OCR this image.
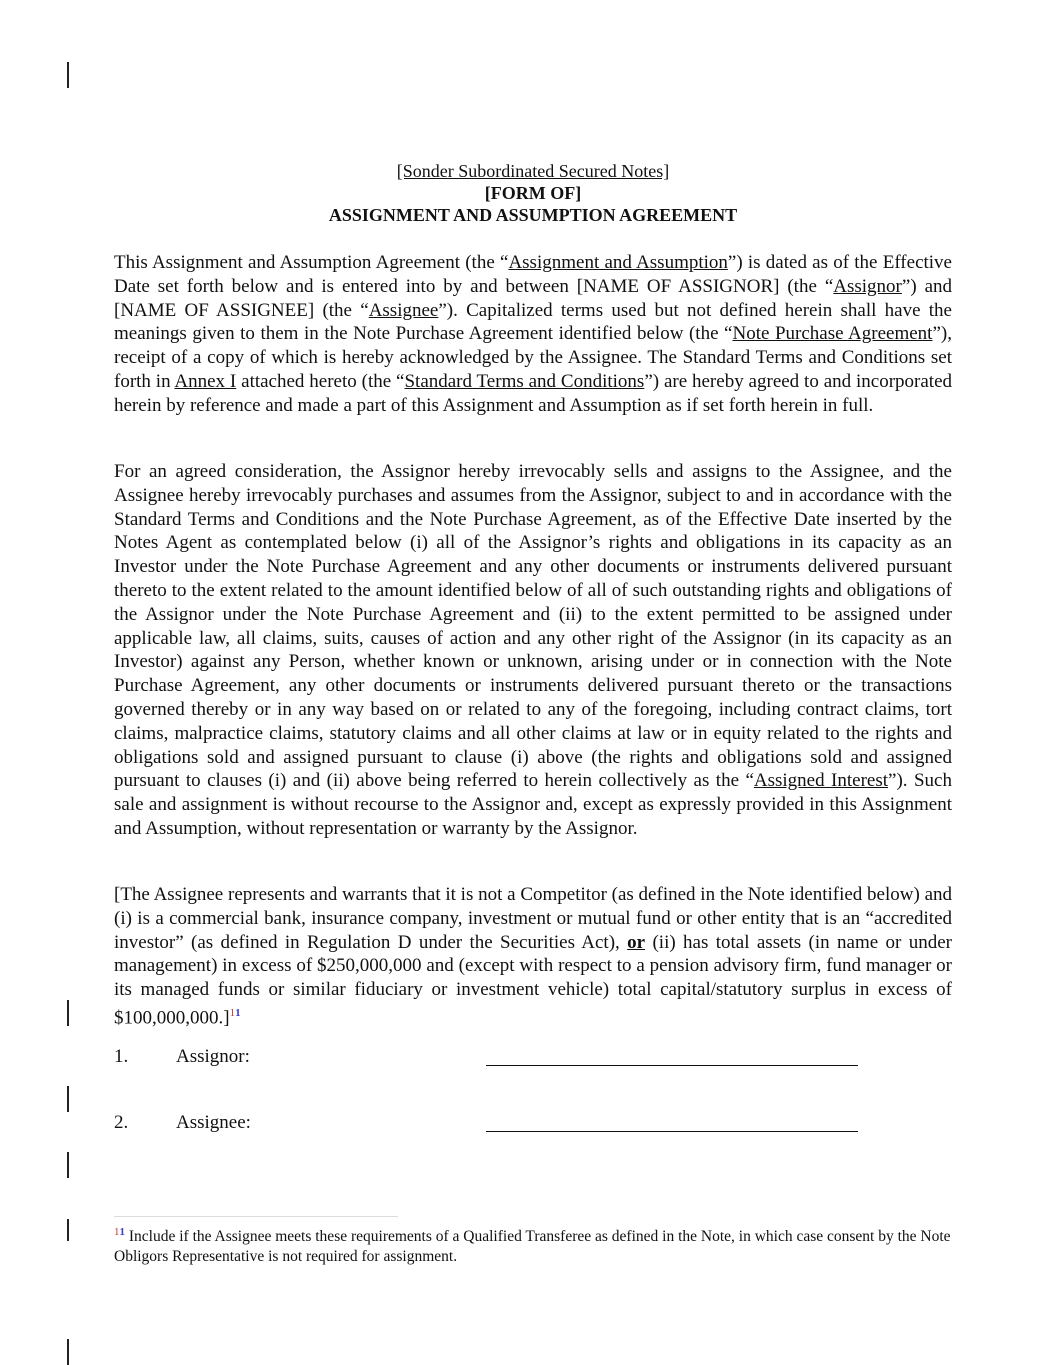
[Sonder Subordinated Secured Notes]
[FORM OF]
ASSIGNMENT AND ASSUMPTION AGREEMENT
This Assignment and Assumption Agreement (the “Assignment and Assumption”) is dated as of the Effective Date set forth below and is entered into by and between [NAME OF ASSIGNOR] (the “Assignor”) and [NAME OF ASSIGNEE] (the “Assignee”). Capitalized terms used but not defined herein shall have the meanings given to them in the Note Purchase Agreement identified below (the “Note Purchase Agreement”), receipt of a copy of which is hereby acknowledged by the Assignee. The Standard Terms and Conditions set forth in Annex I attached hereto (the “Standard Terms and Conditions”) are hereby agreed to and incorporated herein by reference and made a part of this Assignment and Assumption as if set forth herein in full.
For an agreed consideration, the Assignor hereby irrevocably sells and assigns to the Assignee, and the Assignee hereby irrevocably purchases and assumes from the Assignor, subject to and in accordance with the Standard Terms and Conditions and the Note Purchase Agreement, as of the Effective Date inserted by the Notes Agent as contemplated below (i) all of the Assignor’s rights and obligations in its capacity as an Investor under the Note Purchase Agreement and any other documents or instruments delivered pursuant thereto to the extent related to the amount identified below of all of such outstanding rights and obligations of the Assignor under the Note Purchase Agreement and (ii) to the extent permitted to be assigned under applicable law, all claims, suits, causes of action and any other right of the Assignor (in its capacity as an Investor) against any Person, whether known or unknown, arising under or in connection with the Note Purchase Agreement, any other documents or instruments delivered pursuant thereto or the transactions governed thereby or in any way based on or related to any of the foregoing, including contract claims, tort claims, malpractice claims, statutory claims and all other claims at law or in equity related to the rights and obligations sold and assigned pursuant to clause (i) above (the rights and obligations sold and assigned pursuant to clauses (i) and (ii) above being referred to herein collectively as the “Assigned Interest”). Such sale and assignment is without recourse to the Assignor and, except as expressly provided in this Assignment and Assumption, without representation or warranty by the Assignor.
[The Assignee represents and warrants that it is not a Competitor (as defined in the Note identified below) and (i) is a commercial bank, insurance company, investment or mutual fund or other entity that is an “accredited investor” (as defined in Regulation D under the Securities Act), or (ii) has total assets (in name or under management) in excess of $250,000,000 and (except with respect to a pension advisory firm, fund manager or its managed funds or similar fiduciary or investment vehicle) total capital/statutory surplus in excess of $100,000,000.]$^{11}$
1.	Assignor:
2.	Assignee:
$^{11}$ Include if the Assignee meets these requirements of a Qualified Transferee as defined in the Note, in which case consent by the Note Obligors Representative is not required for assignment.
